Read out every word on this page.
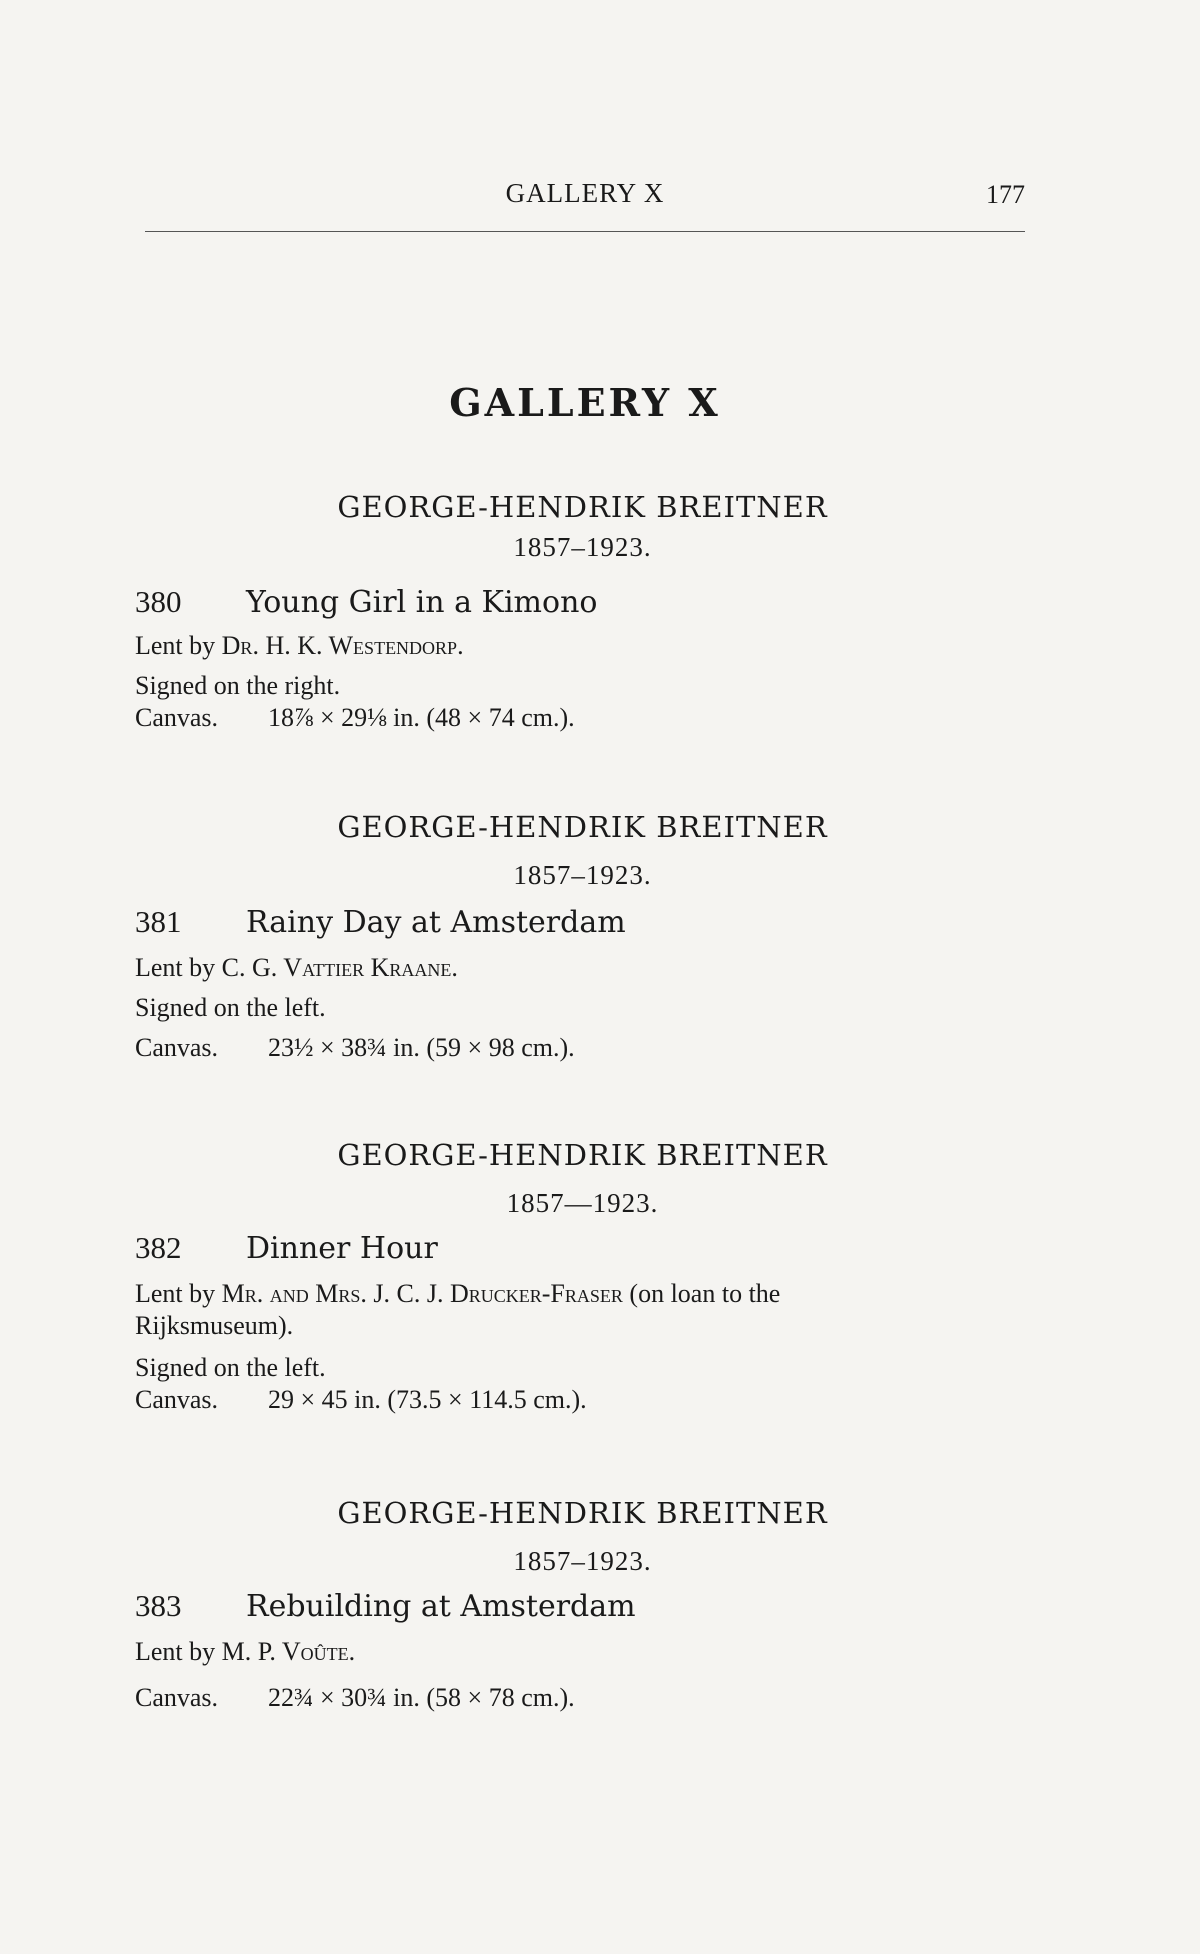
GALLERY X	177
GALLERY X
GEORGE-HENDRIK BREITNER
1857–1923.
380 Young Girl in a Kimono
Lent by Dr. H. K. Westendorp.
Signed on the right.
Canvas. 18⅞ × 29⅛ in. (48 × 74 cm.).
GEORGE-HENDRIK BREITNER
1857–1923.
381 Rainy Day at Amsterdam
Lent by C. G. Vattier Kraane.
Signed on the left.
Canvas. 23½ × 38¾ in. (59 × 98 cm.).
GEORGE-HENDRIK BREITNER
1857—1923.
382 Dinner Hour
Lent by Mr. and Mrs. J. C. J. Drucker-Fraser (on loan to the
Rijksmuseum).
Signed on the left.
Canvas. 29 × 45 in. (73.5 × 114.5 cm.).
GEORGE-HENDRIK BREITNER
1857–1923.
383 Rebuilding at Amsterdam
Lent by M. P. Voûte.
Canvas. 22¾ × 30¾ in. (58 × 78 cm.).
